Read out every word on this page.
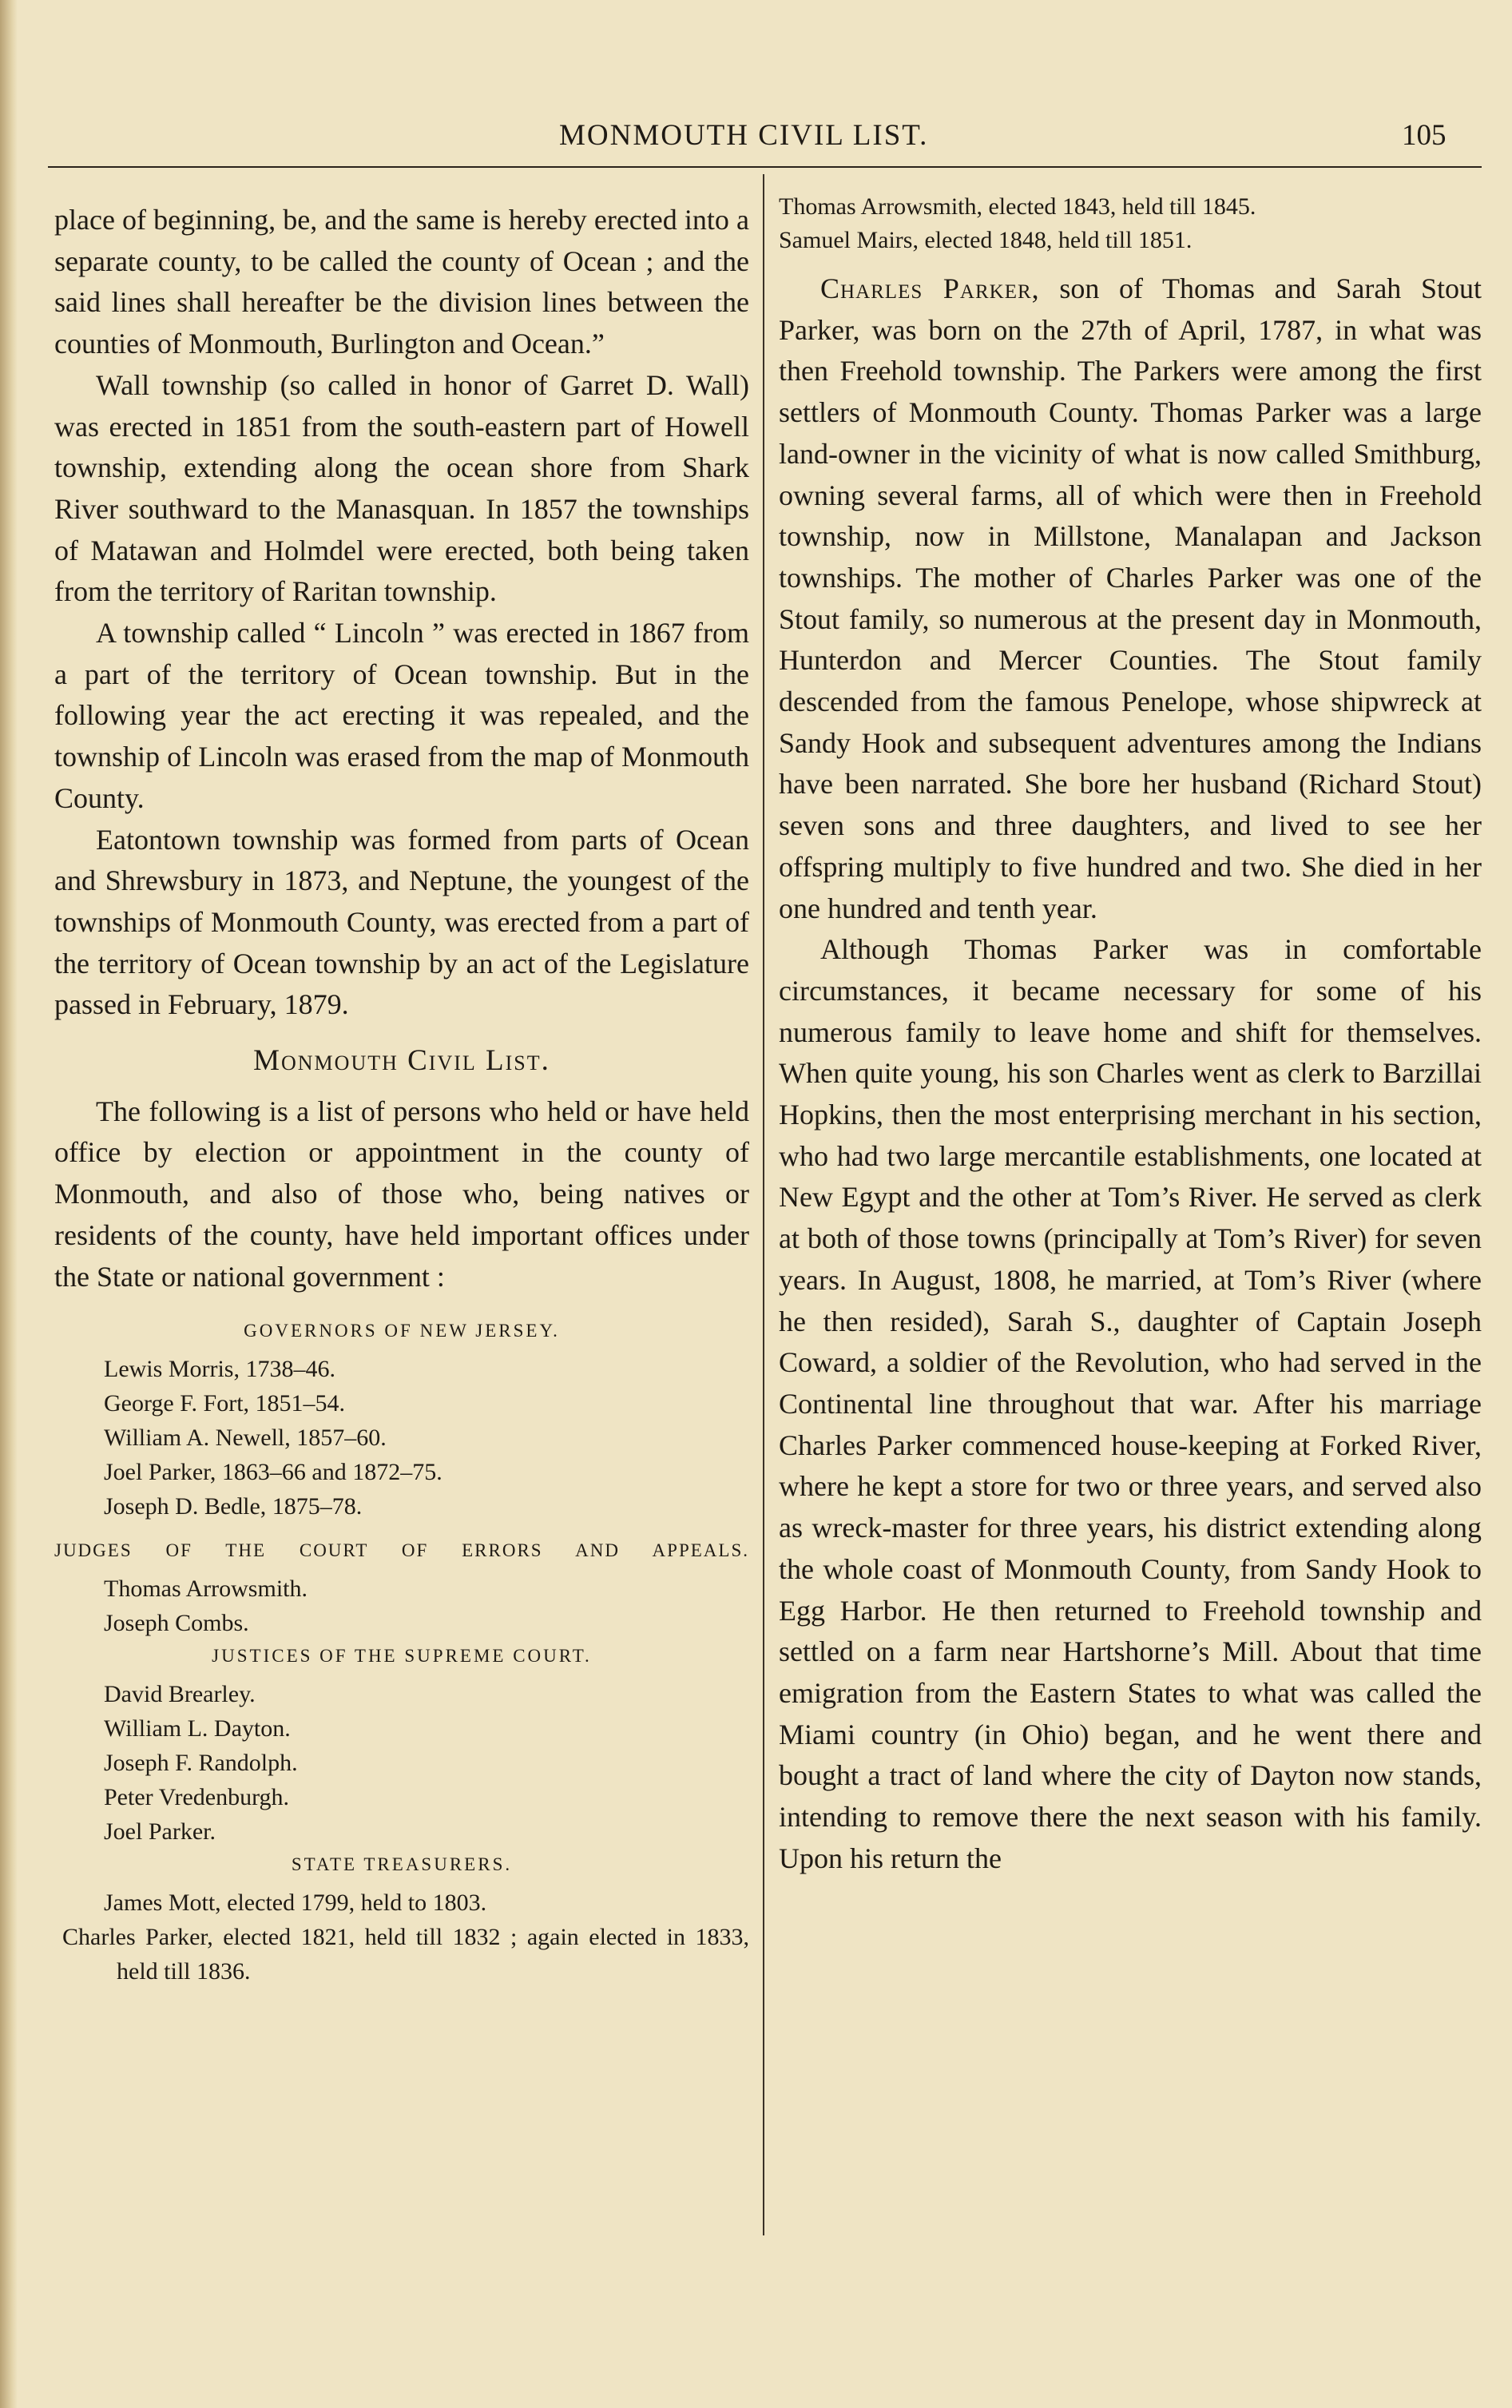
MONMOUTH CIVIL LIST.	105

place of beginning, be, and the same is hereby erected into a separate county, to be called the county of Ocean ; and the said lines shall hereafter be the division lines between the counties of Monmouth, Burlington and Ocean.”

Wall township (so called in honor of Garret D. Wall) was erected in 1851 from the south-eastern part of Howell township, extending along the ocean shore from Shark River southward to the Manasquan. In 1857 the townships of Matawan and Holmdel were erected, both being taken from the territory of Raritan township.

A township called “ Lincoln ” was erected in 1867 from a part of the territory of Ocean township. But in the following year the act erecting it was repealed, and the township of Lincoln was erased from the map of Monmouth County.

Eatontown township was formed from parts of Ocean and Shrewsbury in 1873, and Neptune, the youngest of the townships of Monmouth County, was erected from a part of the territory of Ocean township by an act of the Legislature passed in February, 1879.

Monmouth Civil List.

The following is a list of persons who held or have held office by election or appointment in the county of Monmouth, and also of those who, being natives or residents of the county, have held important offices under the State or national government :

GOVERNORS OF NEW JERSEY.
Lewis Morris, 1738–46.
George F. Fort, 1851–54.
William A. Newell, 1857–60.
Joel Parker, 1863–66 and 1872–75.
Joseph D. Bedle, 1875–78.
JUDGES OF THE COURT OF ERRORS AND APPEALS.
Thomas Arrowsmith.
Joseph Combs.
JUSTICES OF THE SUPREME COURT.
David Brearley.
William L. Dayton.
Joseph F. Randolph.
Peter Vredenburgh.
Joel Parker.
STATE TREASURERS.
James Mott, elected 1799, held to 1803.
Charles Parker, elected 1821, held till 1832 ; again elected in 1833, held till 1836.
Thomas Arrowsmith, elected 1843, held till 1845.
Samuel Mairs, elected 1848, held till 1851.

Charles Parker, son of Thomas and Sarah Stout Parker, was born on the 27th of April, 1787, in what was then Freehold township. The Parkers were among the first settlers of Monmouth County. Thomas Parker was a large land-owner in the vicinity of what is now called Smithburg, owning several farms, all of which were then in Freehold township, now in Millstone, Manalapan and Jackson townships. The mother of Charles Parker was one of the Stout family, so numerous at the present day in Monmouth, Hunterdon and Mercer Counties. The Stout family descended from the famous Penelope, whose shipwreck at Sandy Hook and subsequent adventures among the Indians have been narrated. She bore her husband (Richard Stout) seven sons and three daughters, and lived to see her offspring multiply to five hundred and two. She died in her one hundred and tenth year.

Although Thomas Parker was in comfortable circumstances, it became necessary for some of his numerous family to leave home and shift for themselves. When quite young, his son Charles went as clerk to Barzillai Hopkins, then the most enterprising merchant in his section, who had two large mercantile establishments, one located at New Egypt and the other at Tom’s River. He served as clerk at both of those towns (principally at Tom’s River) for seven years. In August, 1808, he married, at Tom’s River (where he then resided), Sarah S., daughter of Captain Joseph Coward, a soldier of the Revolution, who had served in the Continental line throughout that war. After his marriage Charles Parker commenced house-keeping at Forked River, where he kept a store for two or three years, and served also as wreck-master for three years, his district extending along the whole coast of Monmouth County, from Sandy Hook to Egg Harbor. He then returned to Freehold township and settled on a farm near Hartshorne’s Mill. About that time emigration from the Eastern States to what was called the Miami country (in Ohio) began, and he went there and bought a tract of land where the city of Dayton now stands, intending to remove there the next season with his family. Upon his return the
